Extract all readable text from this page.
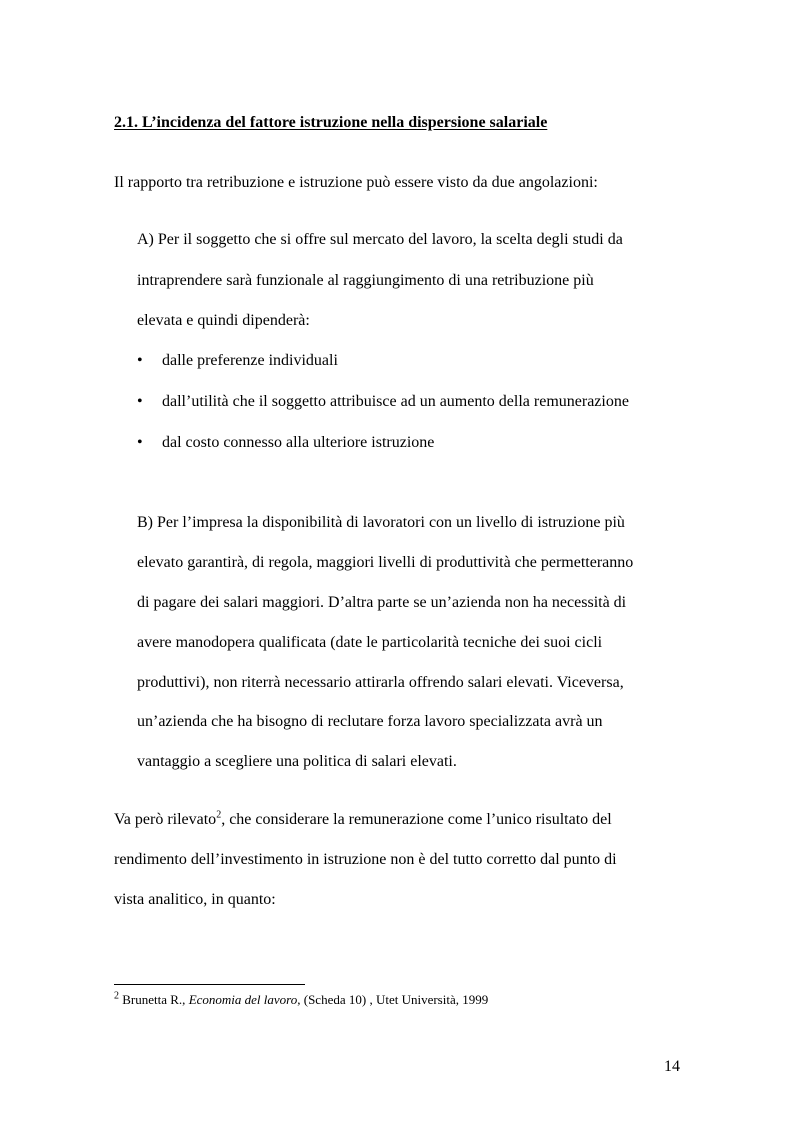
2.1. L’incidenza del fattore istruzione nella dispersione salariale
Il rapporto tra retribuzione e istruzione può essere visto da due angolazioni:
A) Per il soggetto che si offre sul mercato del lavoro, la scelta degli studi da
intraprendere sarà funzionale al raggiungimento di una retribuzione più
elevata e quindi dipenderà:
• dalle preferenze individuali
• dall’utilità che il soggetto attribuisce ad un aumento della remunerazione
• dal costo connesso alla ulteriore istruzione
B) Per l’impresa la disponibilità di lavoratori con un livello di istruzione più
elevato garantirà, di regola, maggiori livelli di produttività che permetteranno
di pagare dei salari maggiori. D’altra parte se un’azienda non ha necessità di
avere manodopera qualificata (date le particolarità tecniche dei suoi cicli
produttivi), non riterrà necessario attirarla offrendo salari elevati. Viceversa,
un’azienda che ha bisogno di reclutare forza lavoro specializzata avrà un
vantaggio a scegliere una politica di salari elevati.
Va però rilevato$^2$, che considerare la remunerazione come l’unico risultato del
rendimento dell’investimento in istruzione non è del tutto corretto dal punto di
vista analitico, in quanto:
$^2$ Brunetta R., Economia del lavoro, (Scheda 10) , Utet Università, 1999
14
